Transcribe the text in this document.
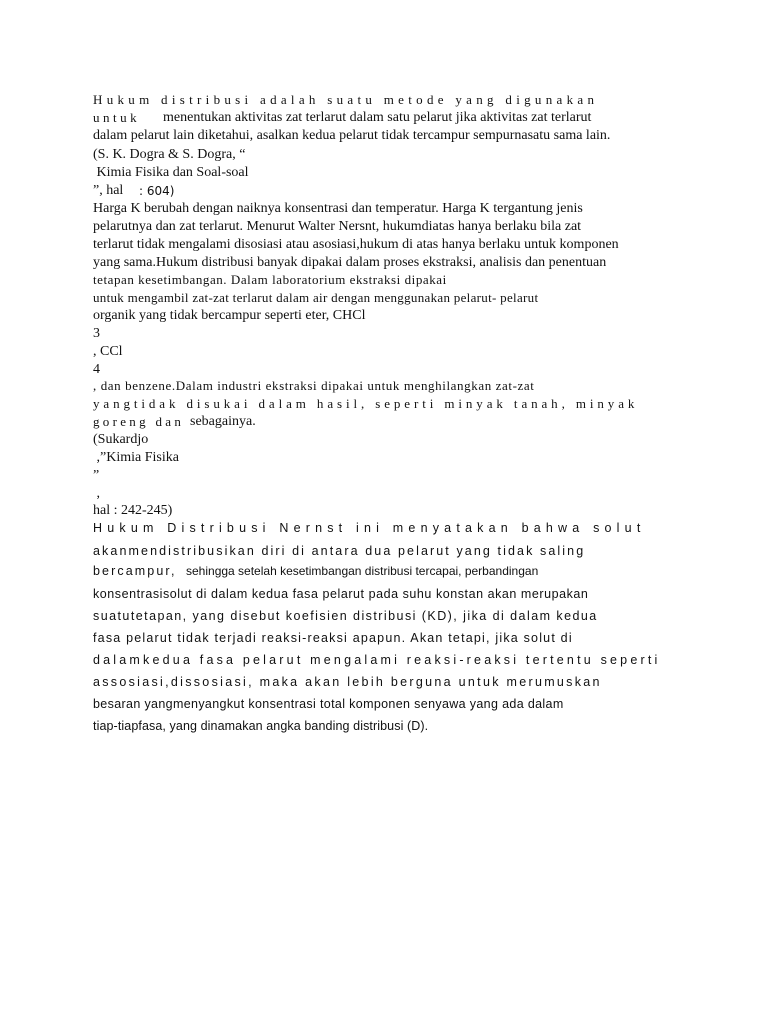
Hukum distribusi adalah suatu metode yang digunakan

untuk menentukan aktivitas zat terlarut dalam satu pelarut jika aktivitas zat terlarut

dalam pelarut lain diketahui, asalkan kedua pelarut tidak tercampur sempurnasatu sama lain.

(S. K. Dogra & S. Dogra, “

Kimia Fisika dan Soal-soal

”, hal : 604)

Harga K berubah dengan naiknya konsentrasi dan temperatur. Harga K tergantung jenis

pelarutnya dan zat terlarut. Menurut Walter Nersnt, hukumdiatas hanya berlaku bila zat

terlarut tidak mengalami disosiasi atau asosiasi,hukum di atas hanya berlaku untuk komponen

yang sama.Hukum distribusi banyak dipakai dalam proses ekstraksi, analisis dan penentuan

tetapan kesetimbangan. Dalam laboratorium ekstraksi dipakai

untuk mengambil zat-zat terlarut dalam air dengan menggunakan pelarut- pelarut

organik yang tidak bercampur seperti eter, CHCl

3

, CCl

4

, dan benzene.Dalam industri ekstraksi dipakai untuk menghilangkan zat-zat

yangtidak disukai dalam hasil, seperti minyak tanah, minyak

goreng dan sebagainya.

(Sukardjo

,”Kimia Fisika

”

,

hal : 242-245)

Hukum Distribusi Nernst ini menyatakan bahwa solut

akanmendistribusikan diri di antara dua pelarut yang tidak saling

bercampur, sehingga setelah kesetimbangan distribusi tercapai, perbandingan

konsentrasisolut di dalam kedua fasa pelarut pada suhu konstan akan merupakan

suatutetapan, yang disebut koefisien distribusi (KD), jika di dalam kedua

fasa pelarut tidak terjadi reaksi-reaksi apapun. Akan tetapi, jika solut di

dalamkedua fasa pelarut mengalami reaksi-reaksi tertentu seperti

assosiasi,dissosiasi, maka akan lebih berguna untuk merumuskan

besaran yangmenyangkut konsentrasi total komponen senyawa yang ada dalam

tiap-tiapfasa, yang dinamakan angka banding distribusi (D).
